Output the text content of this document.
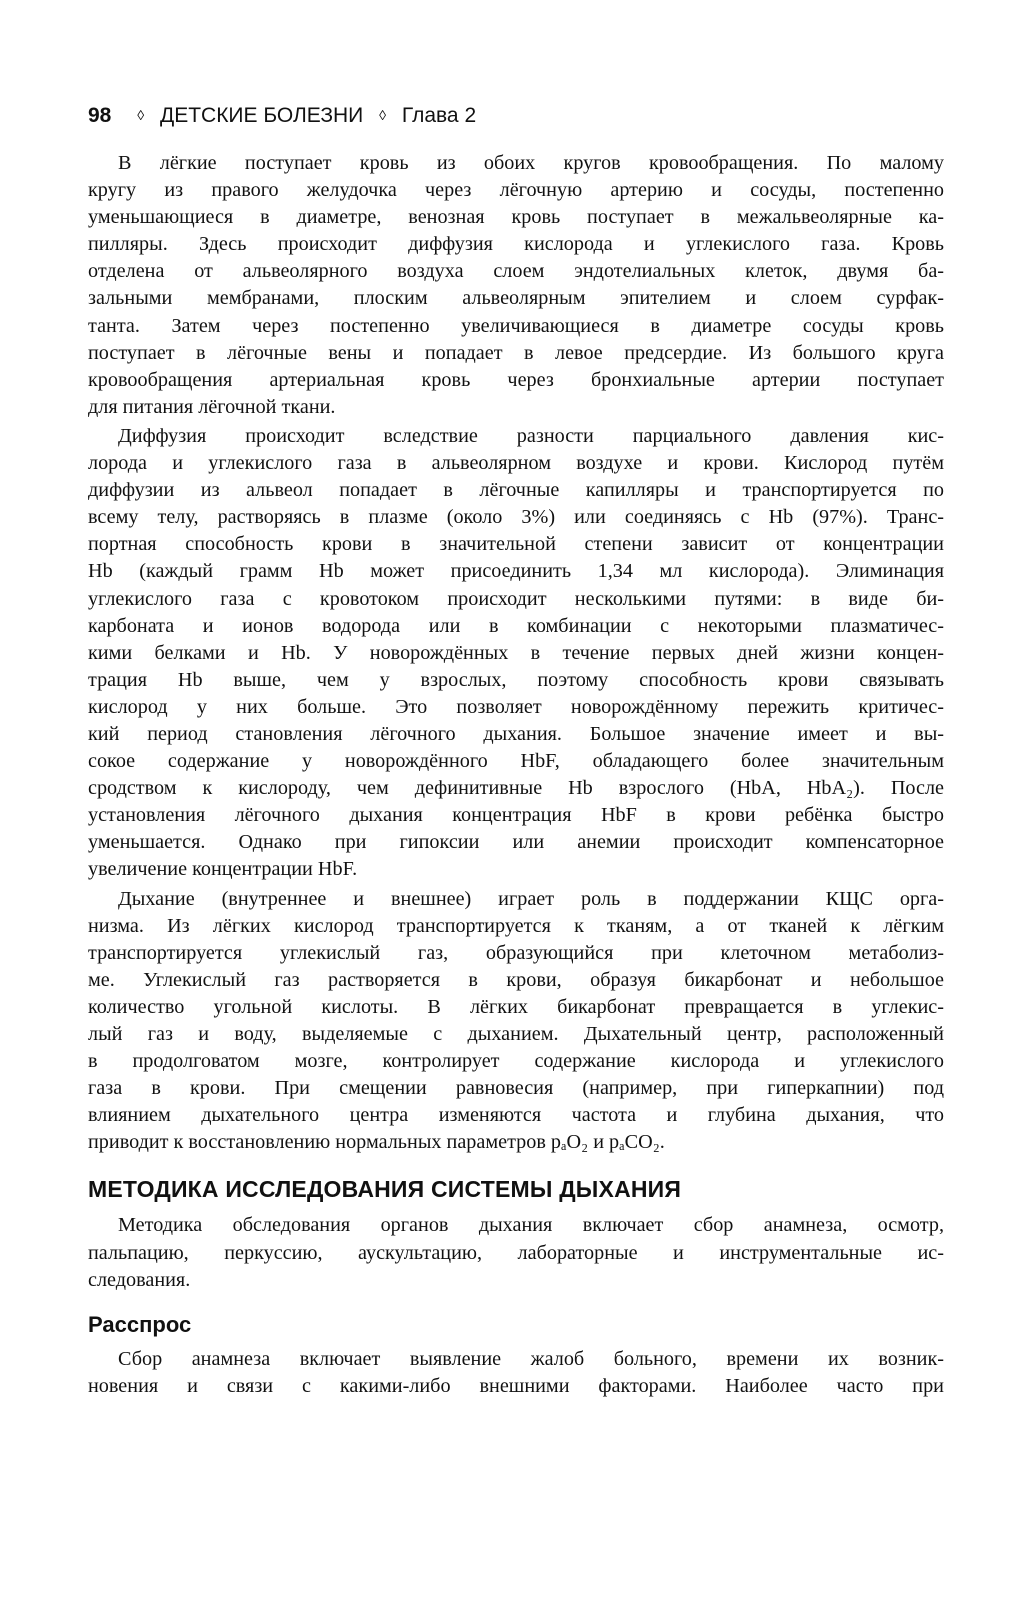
98 ◊ ДЕТСКИЕ БОЛЕЗНИ ◊ Глава 2
В лёгкие поступает кровь из обоих кругов кровообращения. По малому
кругу из правого желудочка через лёгочную артерию и сосуды, постепенно
уменьшающиеся в диаметре, венозная кровь поступает в межальвеолярные ка-
пилляры. Здесь происходит диффузия кислорода и углекислого газа. Кровь
отделена от альвеолярного воздуха слоем эндотелиальных клеток, двумя ба-
зальными мембранами, плоским альвеолярным эпителием и слоем сурфак-
танта. Затем через постепенно увеличивающиеся в диаметре сосуды кровь
поступает в лёгочные вены и попадает в левое предсердие. Из большого круга
кровообращения артериальная кровь через бронхиальные артерии поступает
для питания лёгочной ткани.
Диффузия происходит вследствие разности парциального давления кис-
лорода и углекислого газа в альвеолярном воздухе и крови. Кислород путём
диффузии из альвеол попадает в лёгочные капилляры и транспортируется по
всему телу, растворяясь в плазме (около 3%) или соединяясь с Hb (97%). Транс-
портная способность крови в значительной степени зависит от концентрации
Hb (каждый грамм Hb может присоединить 1,34 мл кислорода). Элиминация
углекислого газа с кровотоком происходит несколькими путями: в виде би-
карбоната и ионов водорода или в комбинации с некоторыми плазматичес-
кими белками и Hb. У новорождённых в течение первых дней жизни концен-
трация Hb выше, чем у взрослых, поэтому способность крови связывать
кислород у них больше. Это позволяет новорождённому пережить критичес-
кий период становления лёгочного дыхания. Большое значение имеет и вы-
сокое содержание у новорождённого HbF, обладающего более значительным
сродством к кислороду, чем дефинитивные Hb взрослого (HbA, HbA₂). После
установления лёгочного дыхания концентрация HbF в крови ребёнка быстро
уменьшается. Однако при гипоксии или анемии происходит компенсаторное
увеличение концентрации HbF.
Дыхание (внутреннее и внешнее) играет роль в поддержании КЩС орга-
низма. Из лёгких кислород транспортируется к тканям, а от тканей к лёгким
транспортируется углекислый газ, образующийся при клеточном метаболиз-
ме. Углекислый газ растворяется в крови, образуя бикарбонат и небольшое
количество угольной кислоты. В лёгких бикарбонат превращается в углекис-
лый газ и воду, выделяемые с дыханием. Дыхательный центр, расположенный
в продолговатом мозге, контролирует содержание кислорода и углекислого
газа в крови. При смещении равновесия (например, при гиперкапнии) под
влиянием дыхательного центра изменяются частота и глубина дыхания, что
приводит к восстановлению нормальных параметров pₐO₂ и pₐCO₂.
МЕТОДИКА ИССЛЕДОВАНИЯ СИСТЕМЫ ДЫХАНИЯ
Методика обследования органов дыхания включает сбор анамнеза, осмотр,
пальпацию, перкуссию, аускультацию, лабораторные и инструментальные ис-
следования.
Расспрос
Сбор анамнеза включает выявление жалоб больного, времени их возник-
новения и связи с какими-либо внешними факторами. Наиболее часто при
